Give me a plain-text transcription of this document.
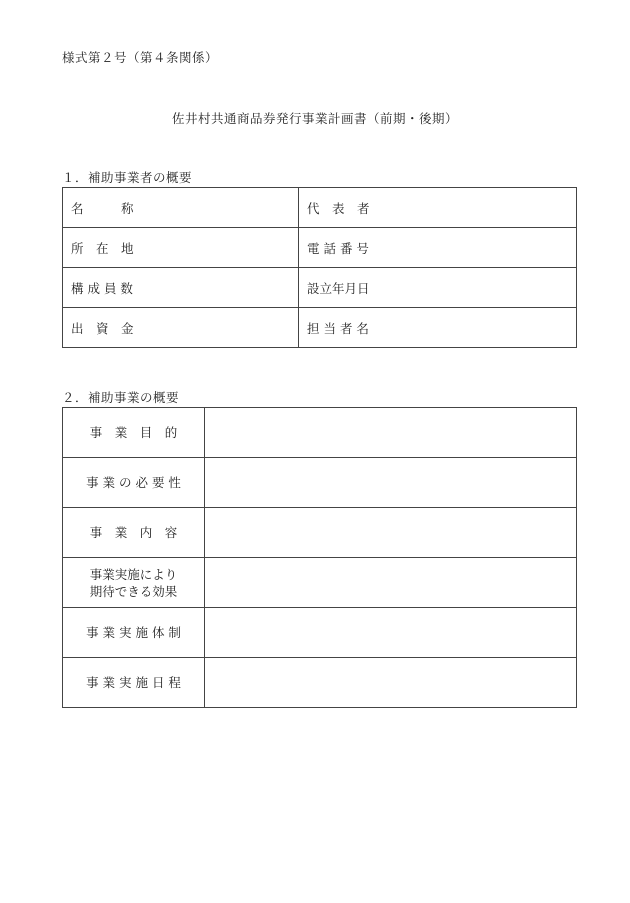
様式第２号（第４条関係）
佐井村共通商品券発行事業計画書（前期・後期）
１．補助事業者の概要
名　　　称	代　表　者
所　在　地	電 話 番 号
構 成 員 数	設立年月日
出　資　金	担 当 者 名
２．補助事業の概要
事　業　目　的	
事 業 の 必 要 性	
事　業　内　容	
事業実施により
期待できる効果	
事 業 実 施 体 制	
事 業 実 施 日 程	
